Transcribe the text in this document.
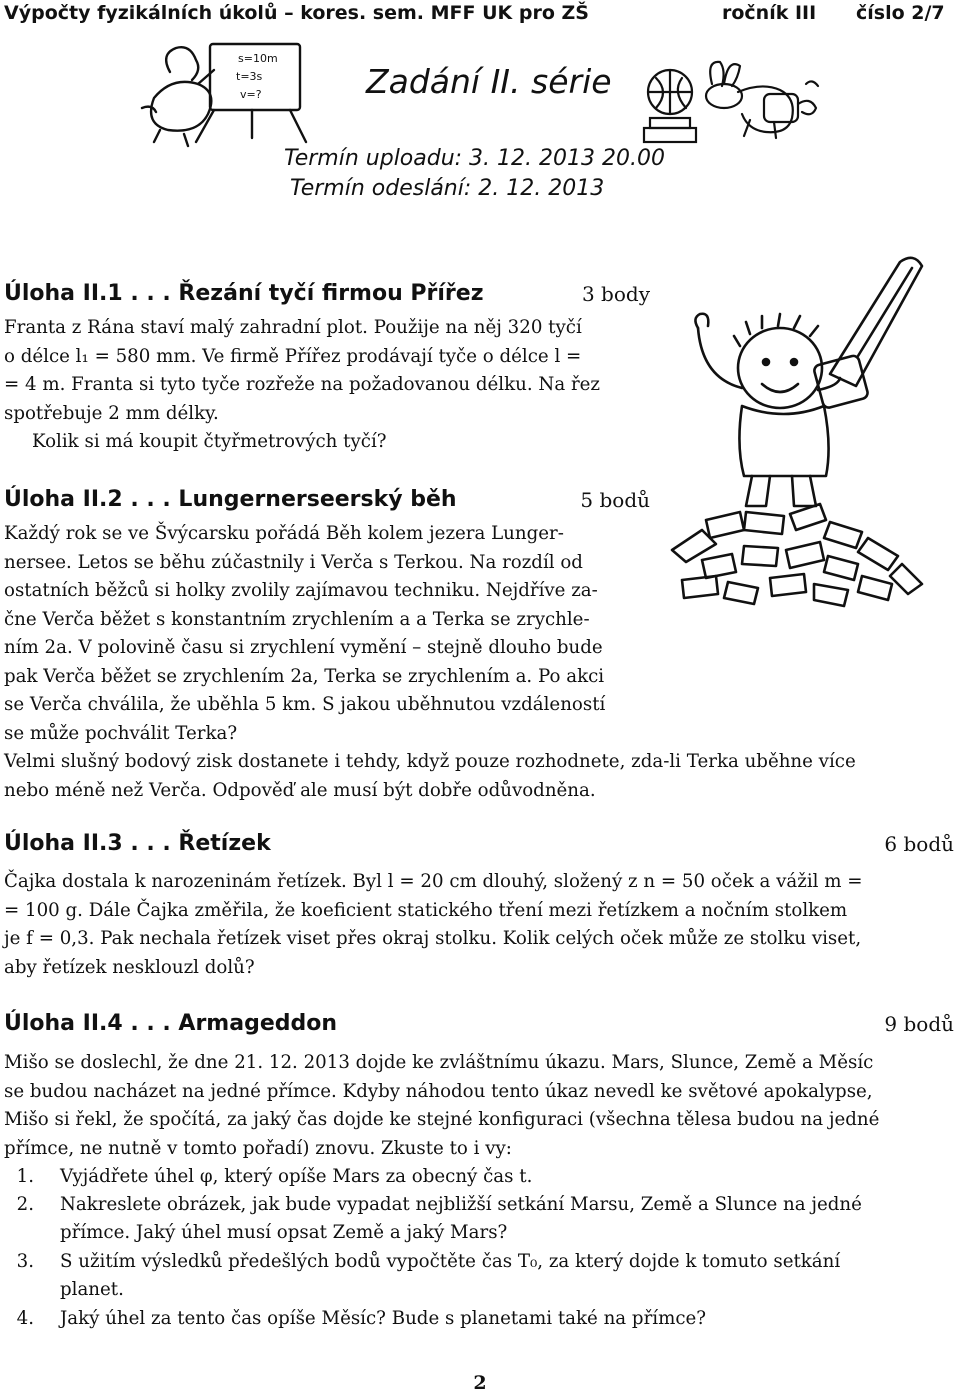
Výpočty fyzikálních úkolů – kores. sem. MFF UK pro ZŠ	ročník III číslo 2/7
s=10m
t=3s
v=?	Zadání II. série
Termín uploadu: 3. 12. 2013 20.00
Termín odeslání: 2. 12. 2013
Úloha II.1 . . . Řezání tyčí firmou Přířez	3 body
Franta z Rána staví malý zahradní plot. Použije na něj 320 tyčí
o délce l₁ = 580 mm. Ve firmě Přířez prodávají tyče o délce l =
= 4 m. Franta si tyto tyče rozřeže na požadovanou délku. Na řez
spotřebuje 2 mm délky.
Kolik si má koupit čtyřmetrových tyčí?
Úloha II.2 . . . Lungernerseerský běh	5 bodů
Každý rok se ve Švýcarsku pořádá Běh kolem jezera Lunger-
nersee. Letos se běhu zúčastnily i Verča s Terkou. Na rozdíl od
ostatních běžců si holky zvolily zajímavou techniku. Nejdříve za-
čne Verča běžet s konstantním zrychlením a a Terka se zrychle-
ním 2a. V polovině času si zrychlení vymění – stejně dlouho bude
pak Verča běžet se zrychlením 2a, Terka se zrychlením a. Po akci
se Verča chválila, že uběhla 5 km. S jakou uběhnutou vzdáleností
se může pochválit Terka?
Velmi slušný bodový zisk dostanete i tehdy, když pouze rozhodnete, zda-li Terka uběhne více
nebo méně než Verča. Odpověď ale musí být dobře odůvodněna.
Úloha II.3 . . . Řetízek	6 bodů
Čajka dostala k narozeninám řetízek. Byl l = 20 cm dlouhý, složený z n = 50 oček a vážil m =
= 100 g. Dále Čajka změřila, že koeficient statického tření mezi řetízkem a nočním stolkem
je f = 0,3. Pak nechala řetízek viset přes okraj stolku. Kolik celých oček může ze stolku viset,
aby řetízek nesklouzl dolů?
Úloha II.4 . . . Armageddon	9 bodů
Mišo se doslechl, že dne 21. 12. 2013 dojde ke zvláštnímu úkazu. Mars, Slunce, Země a Měsíc
se budou nacházet na jedné přímce. Kdyby náhodou tento úkaz nevedl ke světové apokalypse,
Mišo si řekl, že spočítá, za jaký čas dojde ke stejné konfiguraci (všechna tělesa budou na jedné
přímce, ne nutně v tomto pořadí) znovu. Zkuste to i vy:
1. Vyjádřete úhel φ, který opíše Mars za obecný čas t.
2. Nakreslete obrázek, jak bude vypadat nejbližší setkání Marsu, Země a Slunce na jedné
přímce. Jaký úhel musí opsat Země a jaký Mars?
3. S užitím výsledků předešlých bodů vypočtěte čas T₀, za který dojde k tomuto setkání
planet.
4. Jaký úhel za tento čas opíše Měsíc? Bude s planetami také na přímce?
2
